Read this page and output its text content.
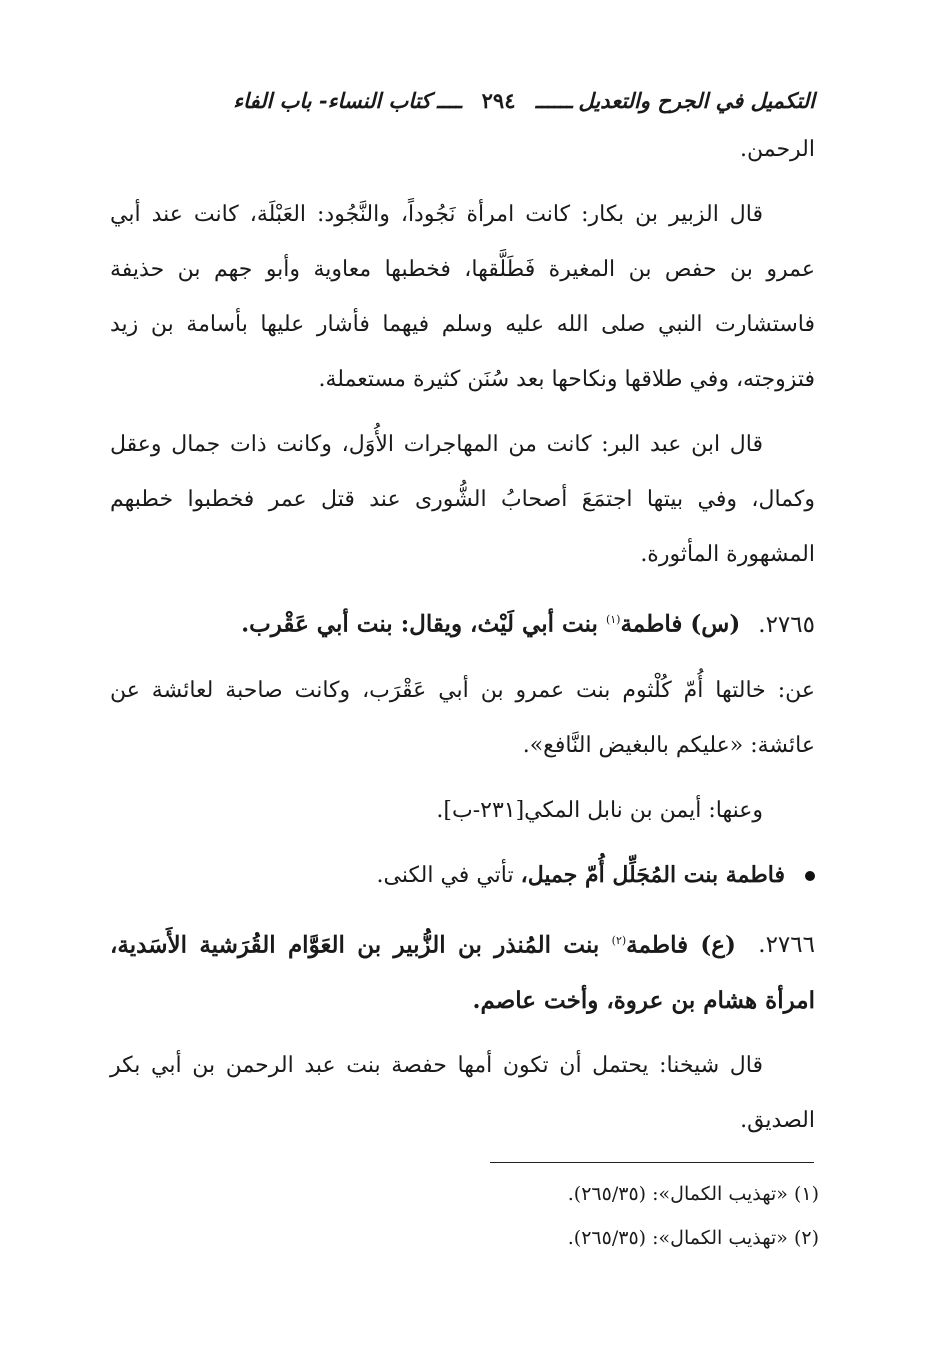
التكميل في الجرح والتعديل
ــــــ
٢٩٤
ــــ
كتاب النساء- باب الفاء

الرحمن.

قال الزبير بن بكار: كانت امرأة نَجُوداً، والنَّجُود: العَبْلَة، كانت عند أبي عمرو بن حفص بن المغيرة فَطَلَّقها، فخطبها معاوية وأبو جهم بن حذيفة فاستشارت النبي صلى الله عليه وسلم فيهما فأشار عليها بأسامة بن زيد فتزوجته، وفي طلاقها ونكاحها بعد سُنَن كثيرة مستعملة.

قال ابن عبد البر: كانت من المهاجرات الأُوَل، وكانت ذات جمال وعقل وكمال، وفي بيتها اجتمَعَ أصحابُ الشُّورى عند قتل عمر فخطبوا خطبهم المشهورة المأثورة.

٢٧٦٥. (س) فاطمة$^{(١)}$ بنت أبي لَيْث، ويقال: بنت أبي عَقْرب.

عن: خالتها أُمّ كُلْثوم بنت عمرو بن أبي عَقْرَب، وكانت صاحبة لعائشة عن عائشة: «عليكم بالبغيض النَّافع».

وعنها: أيمن بن نابل المكي[٢٣١-ب].

فاطمة بنت المُجَلِّل أُمّ جميل، تأتي في الكنى.

٢٧٦٦. (ع) فاطمة$^{(٢)}$ بنت المُنذر بن الزُّبير بن العَوَّام القُرَشية الأَسَدية، امرأة هشام بن عروة، وأخت عاصم.

قال شيخنا: يحتمل أن تكون أمها حفصة بنت عبد الرحمن بن أبي بكر الصديق.

(١) «تهذيب الكمال»: (٢٦٥/٣٥).
(٢) «تهذيب الكمال»: (٢٦٥/٣٥).
